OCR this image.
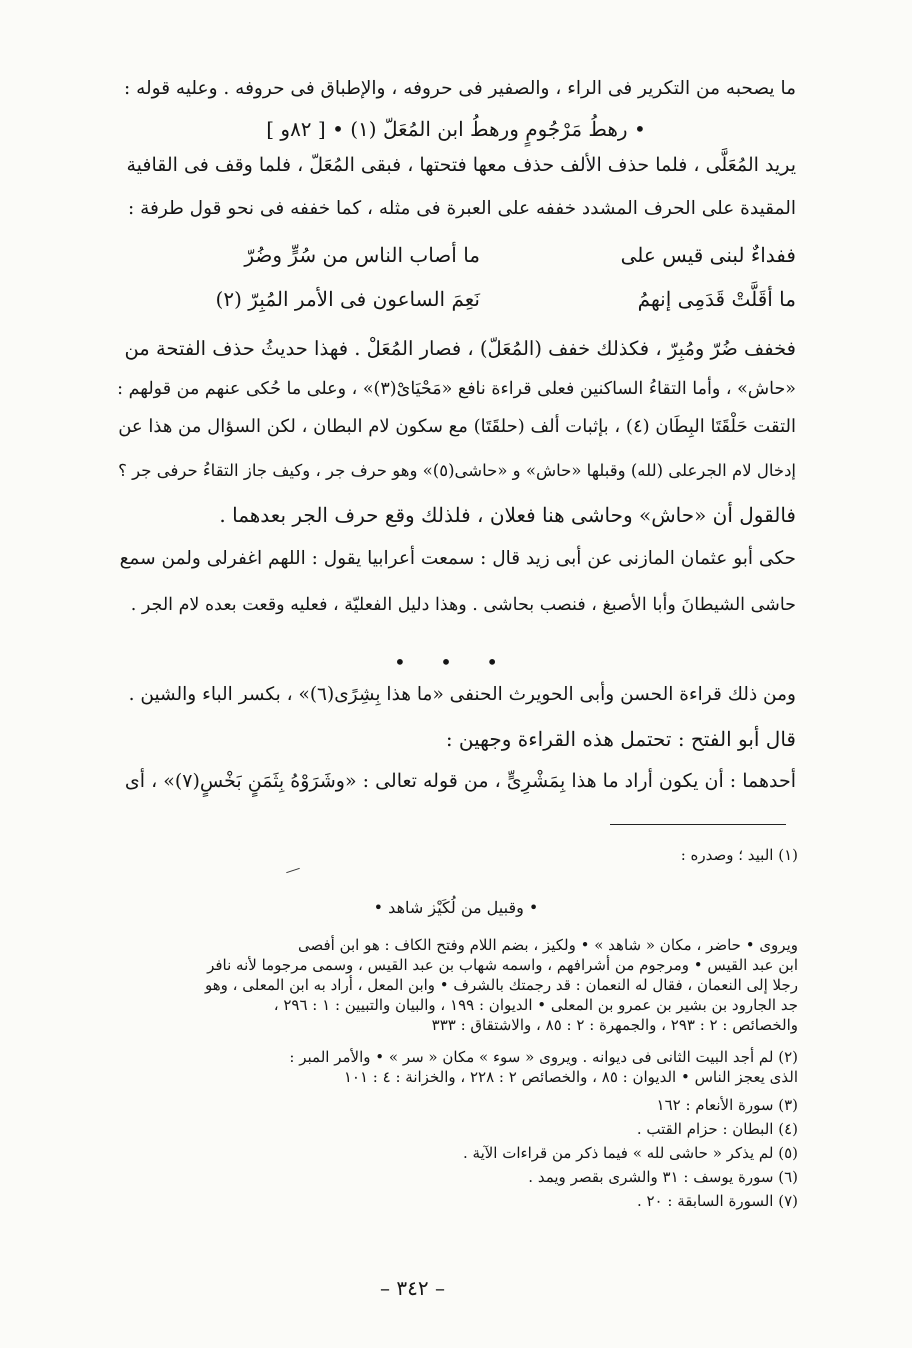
ما يصحبه من التكرير فى الراء ، والصفير فى حروفه ، والإطباق فى حروفه . وعليه قوله :
• رهطُ مَرْجُومٍ ورهطُ ابن المُعَلّ (١) • [ ٨٢و ]
يريد المُعَلَّى ، فلما حذف الألف حذف معها فتحتها ، فبقى المُعَلّ ، فلما وقف فى القافية
المقيدة على الحرف المشدد خففه على العبرة فى مثله ، كما خففه فى نحو قول طرفة :
ففداءٌ لبنى قيس على
ما أصاب الناس من سُرٍّ وضُرّ
ما أقَلَّتْ قَدَمِى إنهمُ
نَعِمَ الساعون فى الأمر المُبِرّ (٢)
فخفف ضُرّ ومُبِرّ ، فكذلك خفف (المُعَلّ) ، فصار المُعَلْ . فهذا حديثُ حذف الفتحة من
«حاش» ، وأما التقاءُ الساكنين فعلى قراءة نافع «مَحْيَاىْ(٣)» ، وعلى ما حُكى عنهم من قولهم :
التقت حَلْقَتَا البِطَان (٤) ، بإثبات ألف (حلقَتَا) مع سكون لام البطان ، لكن السؤال من هذا عن
إدخال لام الجرعلى (لله) وقبلها «حاش» و «حاشى(٥)» وهو حرف جر ، وكيف جاز التقاءُ حرفى جر ؟
فالقول أن «حاش» وحاشى هنا فعلان ، فلذلك وقع حرف الجر بعدهما .
حكى أبو عثمان المازنى عن أبى زيد قال : سمعت أعرابيا يقول : اللهم اغفرلى ولمن سمع
حاشى الشيطانَ وأبا الأصبغ ، فنصب بحاشى . وهذا دليل الفعليّة ، فعليه وقعت بعده لام الجر .
• • •
ومن ذلك قراءة الحسن وأبى الحويرث الحنفى «ما هذا بِشِرًى(٦)» ، بكسر الباء والشين .
قال أبو الفتح : تحتمل هذه القراءة وجهين :
أحدهما : أن يكون أراد ما هذا بِمَشْرِىٍّ ، من قوله تعالى : «وشَرَوْهُ بِثَمَنٍ بَخْسٍ(٧)» ، أى
(١) البيد ؛ وصدره :
• وقبيل من لُكَيْز شاهد •
ويروى • حاضر ، مكان « شاهد » • ولكيز ، بضم اللام وفتح الكاف : هو ابن أفصى
ابن عبد القيس • ومرجوم من أشرافهم ، واسمه شهاب بن عبد القيس ، وسمى مرجوما لأنه نافر
رجلا إلى النعمان ، فقال له النعمان : قد رجمتك بالشرف • وابن المعل ، أراد به ابن المعلى ، وهو
جد الجارود بن بشير بن عمرو بن المعلى • الديوان : ١٩٩ ، والبيان والتبيين : ١ : ٢٩٦ ،
والخصائص : ٢ : ٢٩٣ ، والجمهرة : ٢ : ٨٥ ، والاشتقاق : ٣٣٣
(٢) لم أجد البيت الثانى فى ديوانه . ويروى « سوء » مكان « سر » • والأمر المبر :
الذى يعجز الناس • الديوان : ٨٥ ، والخصائص ٢ : ٢٢٨ ، والخزانة : ٤ : ١٠١
(٣) سورة الأنعام : ١٦٢
(٤) البطان : حزام القتب .
(٥) لم يذكر « حاشى لله » فيما ذكر من قراءات الآية .
(٦) سورة يوسف : ٣١ والشرى بقصر ويمد .
(٧) السورة السابقة : ٢٠ .
– ٣٤٢ –
